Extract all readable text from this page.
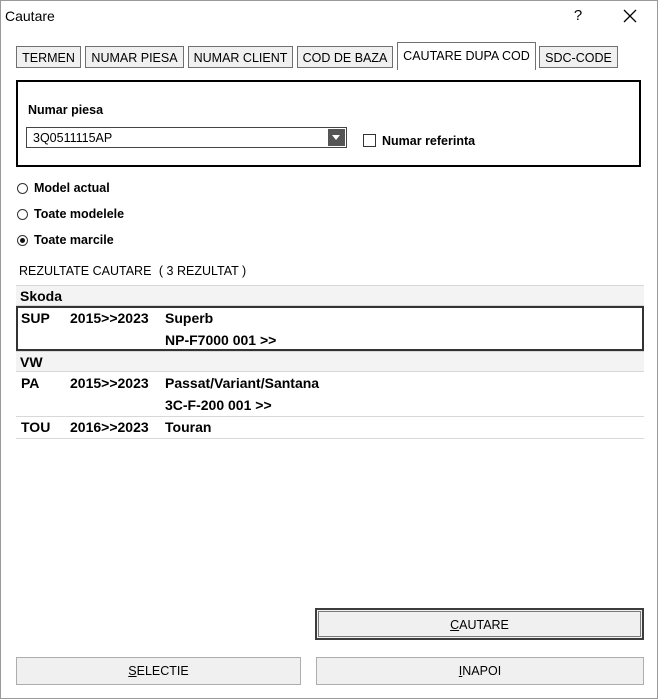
Cautare	?
TERMEN	NUMAR PIESA	NUMAR CLIENT	COD DE BAZA	CAUTARE DUPA COD	SDC-CODE
Numar piesa
3Q0511115AP	Numar referinta
Model actual
Toate modelele
Toate marcile
REZULTATE CAUTARE ( 3 REZULTAT )
Skoda
SUP 2015>>2023 Superb
NP-F7000 001 >>
VW
PA 2015>>2023 Passat/Variant/Santana
3C-F-200 001 >>
TOU 2016>>2023 Touran
CAUTARE
SELECTIE	INAPOI
